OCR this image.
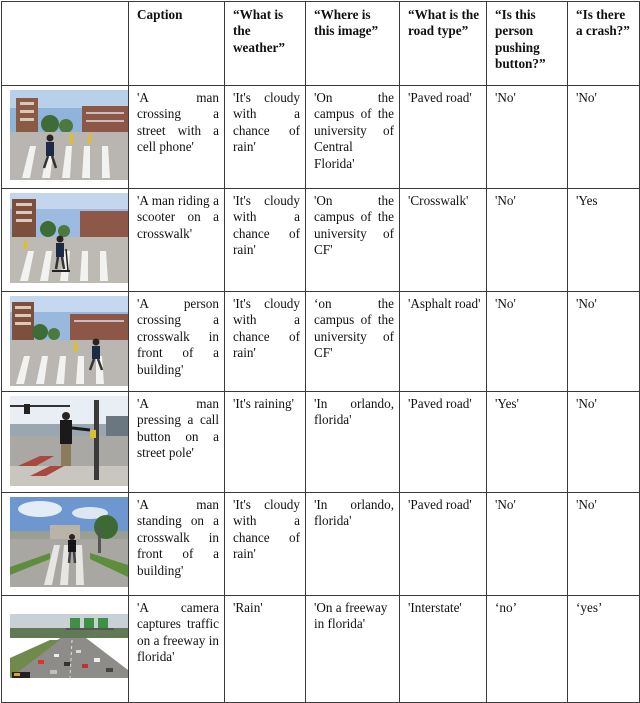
	Caption	“What is the weather”	“Where is this image”	“What is the road type”	“Is this person pushing button?”	“Is there a crash?”

	'A man crossing a street with a cell phone'	'It's cloudy with a chance of rain'	'On the campus of the university of Central Florida'	'Paved road'	'No'	'No'

	'A man riding a scooter on a crosswalk'	'It's cloudy with a chance of rain'	'On the campus of the university of CF'	'Crosswalk'	'No'	'Yes

	'A person crossing a crosswalk in front of a building'	'It's cloudy with a chance of rain'	‘on the campus of the university of CF'	'Asphalt road'	'No'	'No'

	'A man pressing a call button on a street pole'	'It's raining'	'In orlando, florida'	'Paved road'	'Yes'	'No'

	'A man standing on a crosswalk in front of a building'	'It's cloudy with a chance of rain'	'In orlando, florida'	'Paved road'	'No'	'No'

	'A camera captures traffic on a freeway in florida'	'Rain'	'On a freeway in florida'	'Interstate'	‘no’	‘yes’
